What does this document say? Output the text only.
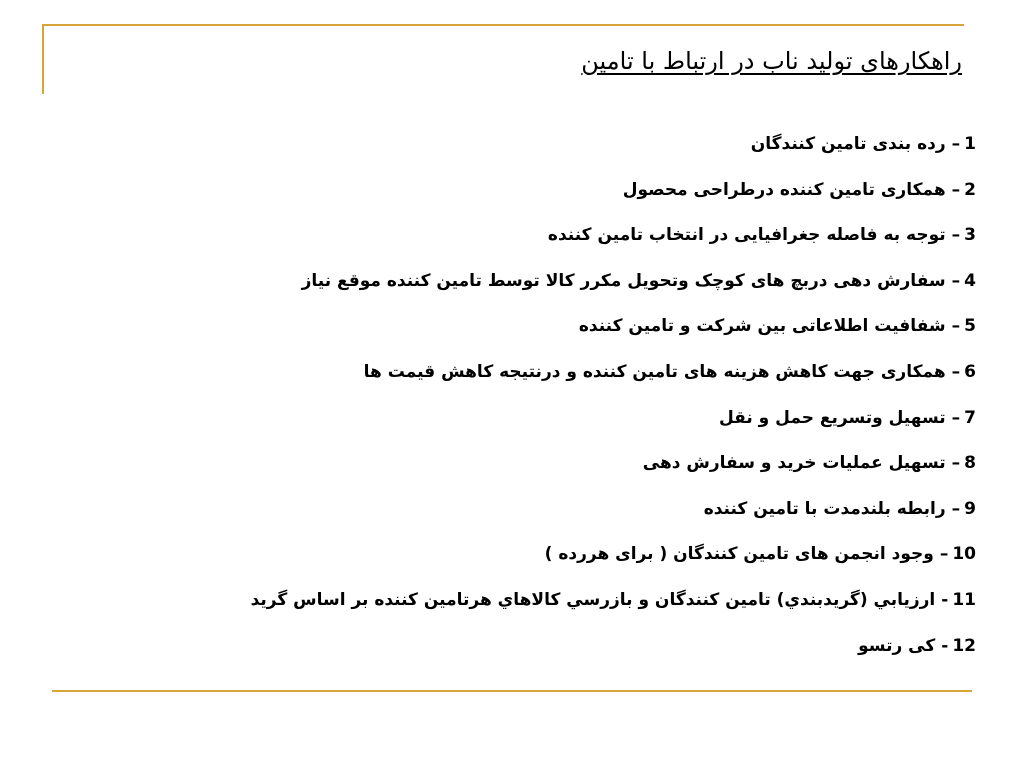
راهکارهای تولید ناب در ارتباط با تامین
1
–
رده بندی تامین کنندگان
2
–
همکاری تامین کننده درطراحی محصول
3
–
توجه به فاصله جغرافیایی در انتخاب تامین کننده
4
–
سفارش دهی دربچ های کوچک وتحویل مکرر کالا توسط تامین کننده موقع نیاز
5
–
شفافیت اطلاعاتی بین شرکت و تامین کننده
6
–
همکاری جهت کاهش هزینه های تامین کننده و درنتیجه کاهش قیمت ها
7
–
تسهیل وتسریع حمل و نقل
8
–
تسهیل عملیات خرید و سفارش دهی
9
–
رابطه بلندمدت با تامین کننده
10
–
وجود انجمن های تامین کنندگان ( برای هررده )
11
-
ارزيابي (گريدبندي) تامين كنندگان و بازرسي كالاهاي هرتامين كننده بر اساس گريد
12
-
کی رتسو
